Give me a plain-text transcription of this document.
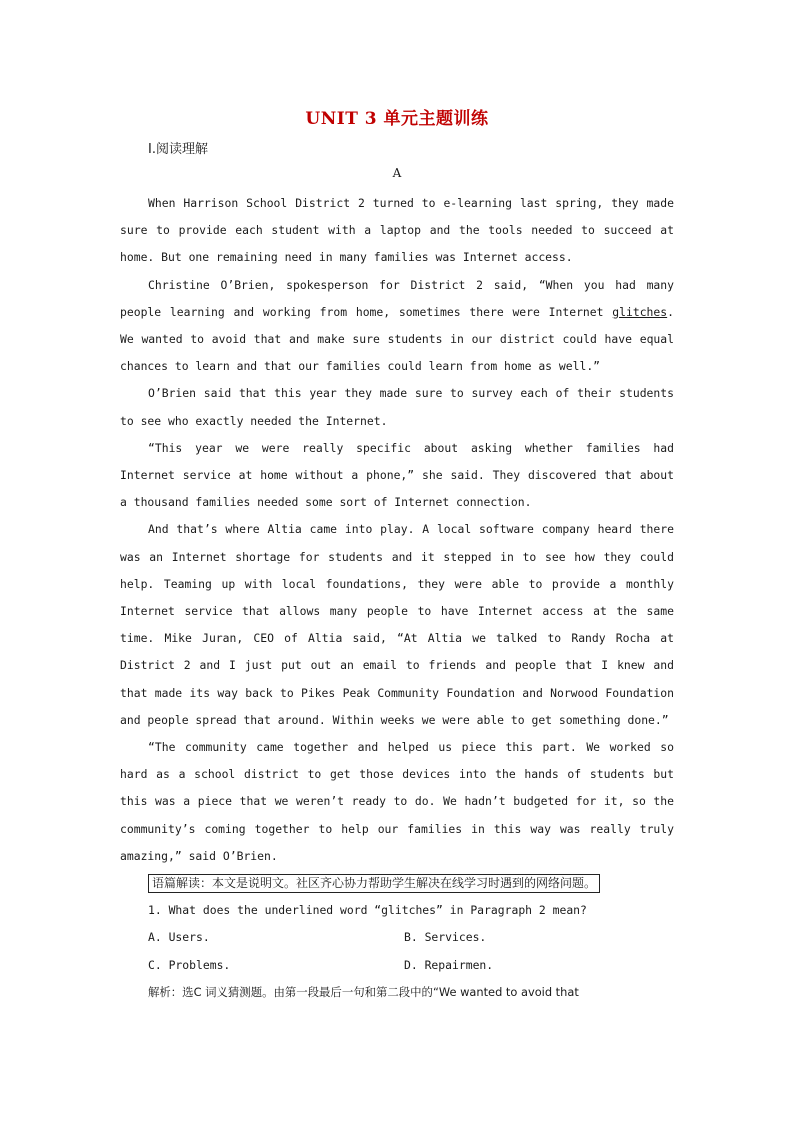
UNIT 3 单元主题训练
Ⅰ.阅读理解
A

When Harrison School District 2 turned to e-learning last spring, they made sure to provide each student with a laptop and the tools needed to succeed at home. But one remaining need in many families was Internet access.

Christine O’Brien, spokesperson for District 2 said, “When you had many people learning and working from home, sometimes there were Internet glitches. We wanted to avoid that and make sure students in our district could have equal chances to learn and that our families could learn from home as well.”

O’Brien said that this year they made sure to survey each of their students to see who exactly needed the Internet.

“This year we were really specific about asking whether families had Internet service at home without a phone,” she said. They discovered that about a thousand families needed some sort of Internet connection.

And that’s where Altia came into play. A local software company heard there was an Internet shortage for students and it stepped in to see how they could help. Teaming up with local foundations, they were able to provide a monthly Internet service that allows many people to have Internet access at the same time. Mike Juran, CEO of Altia said, “At Altia we talked to Randy Rocha at District 2 and I just put out an email to friends and people that I knew and that made its way back to Pikes Peak Community Foundation and Norwood Foundation and people spread that around. Within weeks we were able to get something done.”

“The community came together and helped us piece this part. We worked so hard as a school district to get those devices into the hands of students but this was a piece that we weren’t ready to do. We hadn’t budgeted for it, so the community’s coming together to help our families in this way was really truly amazing,” said O’Brien.

语篇解读：本文是说明文。社区齐心协力帮助学生解决在线学习时遇到的网络问题。

1. What does the underlined word “glitches” in Paragraph 2 mean?

A. Users.	B. Services.
C. Problems.	D. Repairmen.

解析：选C 词义猜测题。由第一段最后一句和第二段中的“We wanted to avoid that
